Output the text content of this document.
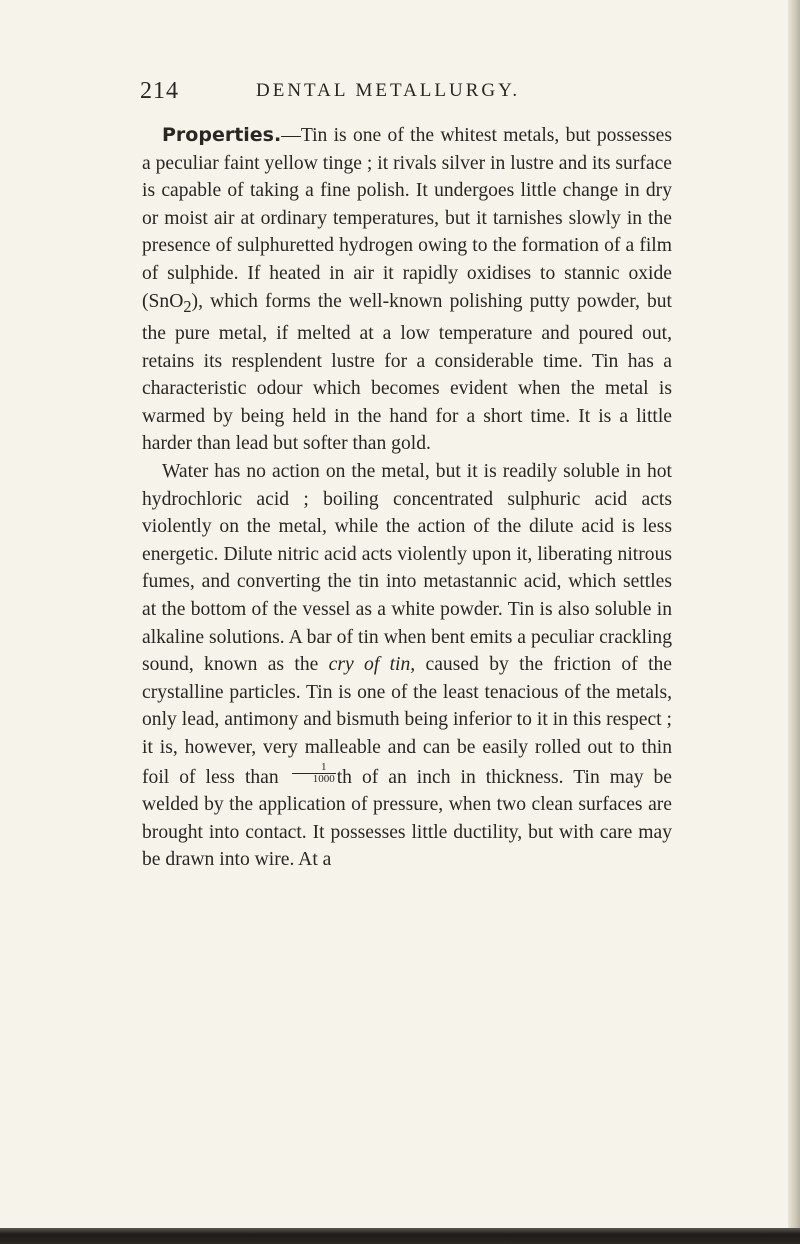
214	DENTAL METALLURGY.

Properties.—Tin is one of the whitest metals, but possesses a peculiar faint yellow tinge ; it rivals silver in lustre and its surface is capable of taking a fine polish. It undergoes little change in dry or moist air at ordinary temperatures, but it tarnishes slowly in the presence of sulphuretted hydrogen owing to the formation of a film of sulphide. If heated in air it rapidly oxidises to stannic oxide (SnO$_2$), which forms the well-known polishing putty powder, but the pure metal, if melted at a low temperature and poured out, retains its resplendent lustre for a considerable time. Tin has a characteristic odour which becomes evident when the metal is warmed by being held in the hand for a short time. It is a little harder than lead but softer than gold.

Water has no action on the metal, but it is readily soluble in hot hydrochloric acid ; boiling concentrated sulphuric acid acts violently on the metal, while the action of the dilute acid is less energetic. Dilute nitric acid acts violently upon it, liberating nitrous fumes, and converting the tin into metastannic acid, which settles at the bottom of the vessel as a white powder. Tin is also soluble in alkaline solutions. A bar of tin when bent emits a peculiar crackling sound, known as the cry of tin, caused by the friction of the crystalline particles. Tin is one of the least tenacious of the metals, only lead, antimony and bismuth being inferior to it in this respect ; it is, however, very malleable and can be easily rolled out to thin foil of less than $\frac{1}{1000}$ th of an inch in thickness. Tin may be welded by the application of pressure, when two clean surfaces are brought into contact. It possesses little ductility, but with care may be drawn into wire. At a
